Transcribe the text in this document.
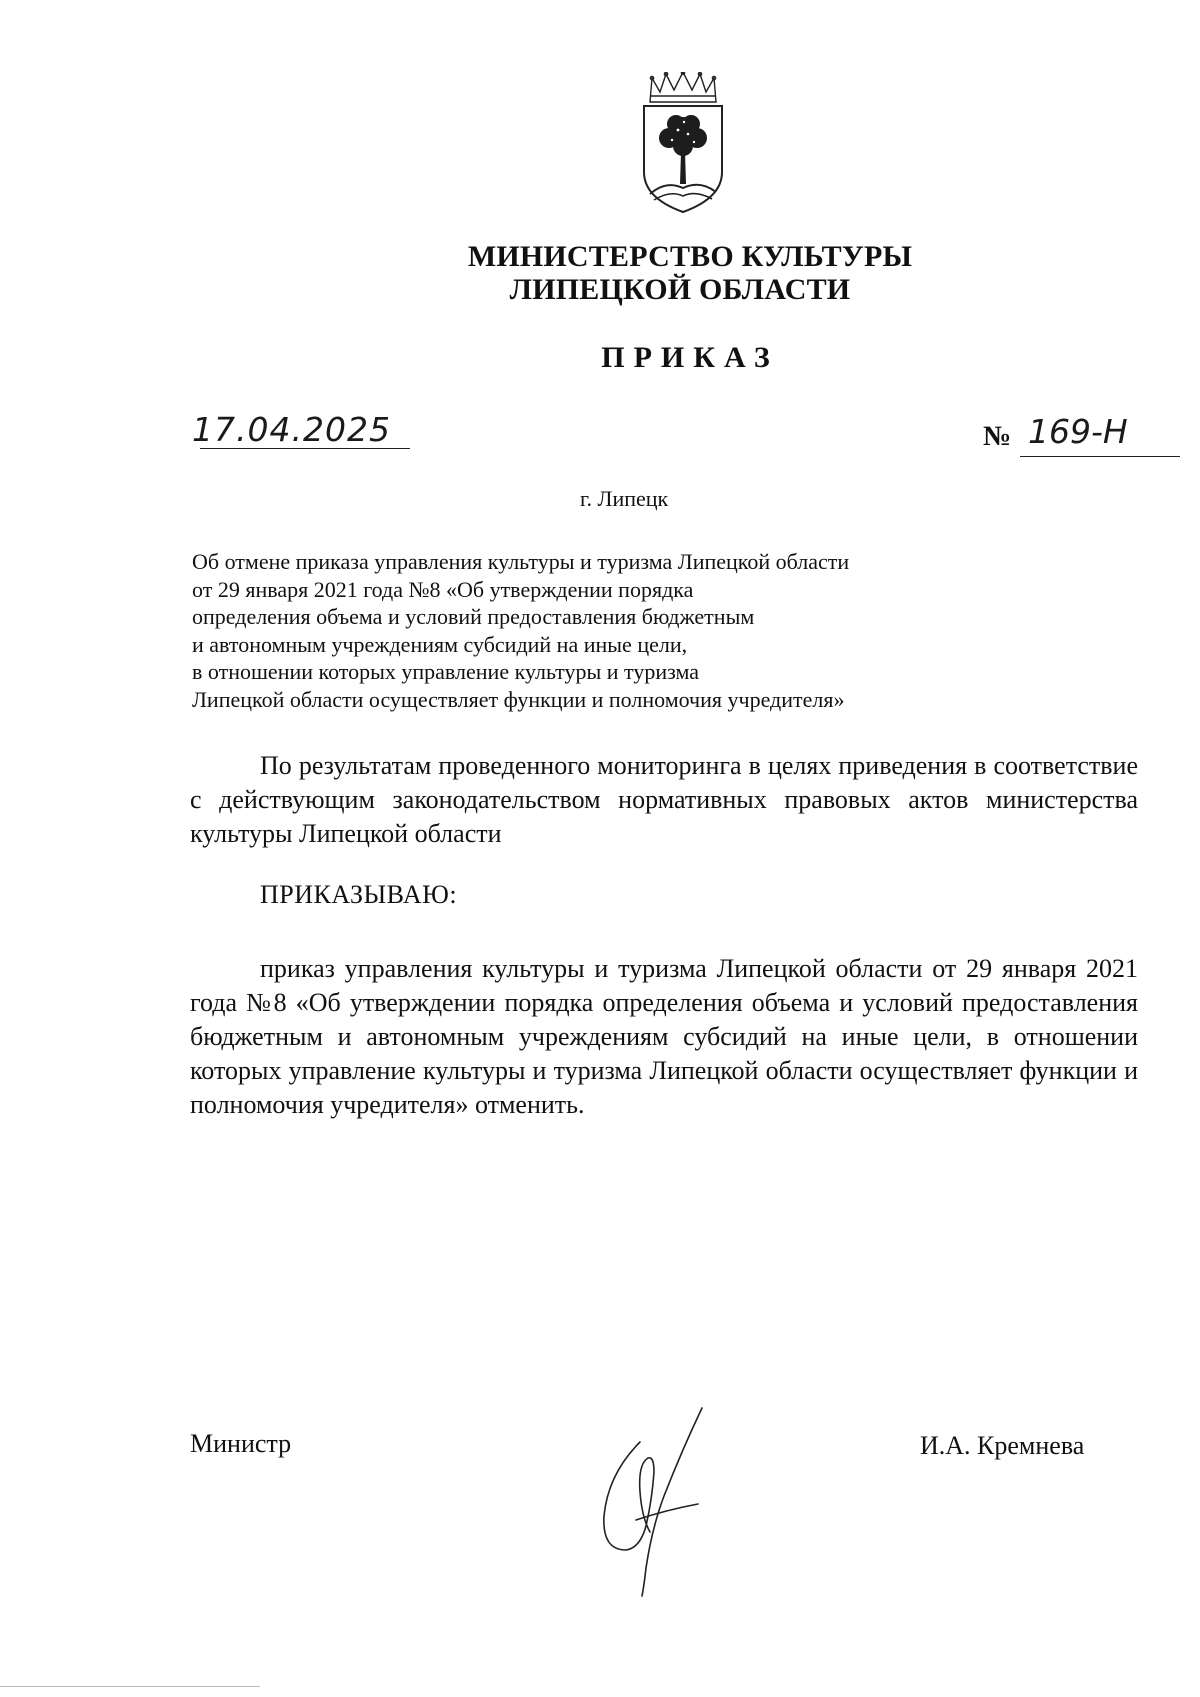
МИНИСТЕРСТВО КУЛЬТУРЫ
ЛИПЕЦКОЙ ОБЛАСТИ
ПРИКАЗ
17.04.2025	№ 169-Н
г. Липецк
Об отмене приказа управления культуры и туризма Липецкой области
от 29 января 2021 года №8 «Об утверждении порядка
определения объема и условий предоставления бюджетным
и автономным учреждениям субсидий на иные цели,
в отношении которых управление культуры и туризма
Липецкой области осуществляет функции и полномочия учредителя»
По результатам проведенного мониторинга в целях приведения в соответствие с действующим законодательством нормативных правовых актов министерства культуры Липецкой области
ПРИКАЗЫВАЮ:
приказ управления культуры и туризма Липецкой области от 29 января 2021 года №8 «Об утверждении порядка определения объема и условий предоставления бюджетным и автономным учреждениям субсидий на иные цели, в отношении которых управление культуры и туризма Липецкой области осуществляет функции и полномочия учредителя» отменить.
Министр	И.А. Кремнева
